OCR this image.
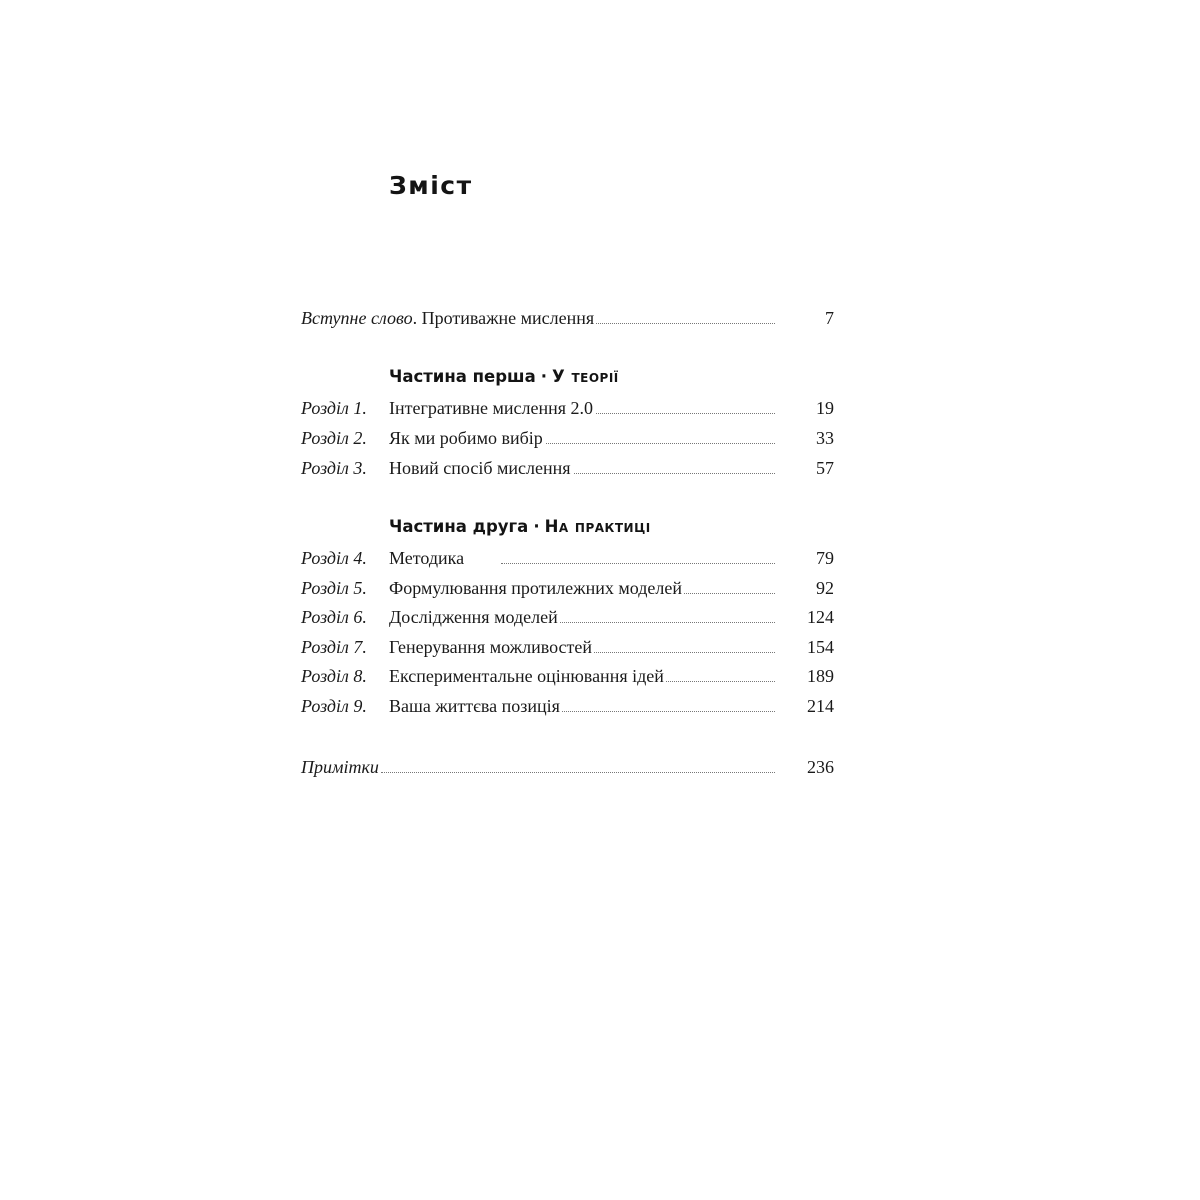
Зміст
Вступне слово. Противажне мислення	7
Частина перша · У теорії
Розділ 1. Інтегративне мислення 2.0	19
Розділ 2. Як ми робимо вибір	33
Розділ 3. Новий спосіб мислення	57
Частина друга · На практиці
Розділ 4. Методика	79
Розділ 5. Формулювання протилежних моделей	92
Розділ 6. Дослідження моделей	124
Розділ 7. Генерування можливостей	154
Розділ 8. Експериментальне оцінювання ідей	189
Розділ 9. Ваша життєва позиція	214
Примітки	236
